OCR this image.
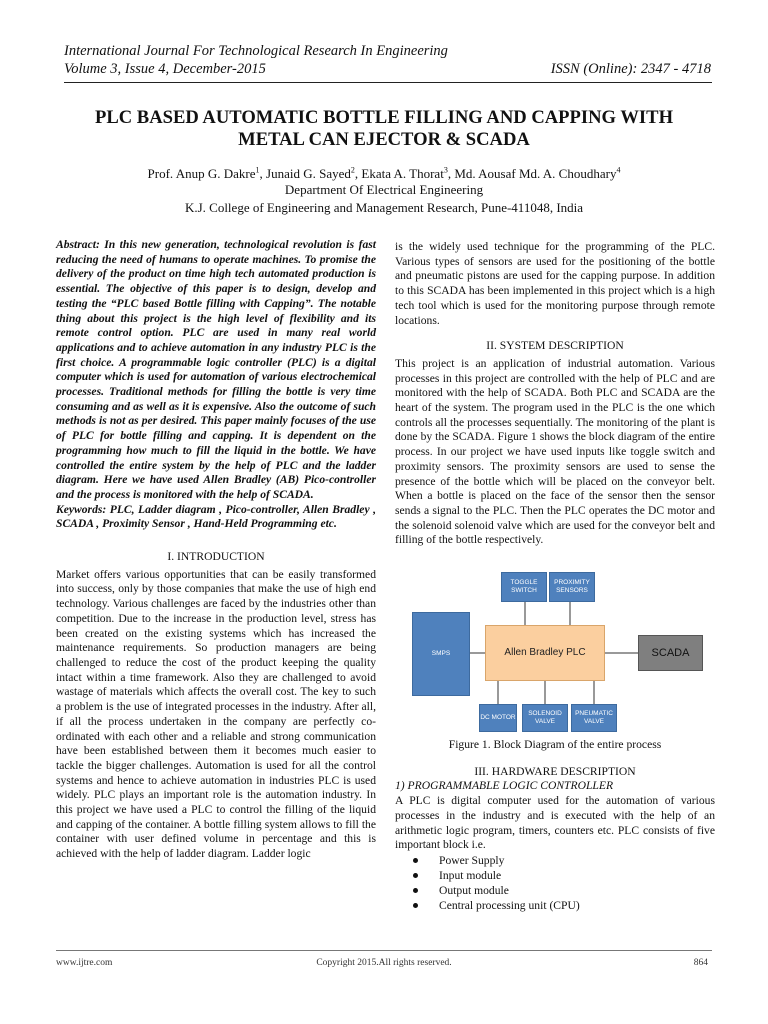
International Journal For Technological Research In Engineering
Volume 3, Issue 4, December-2015	ISSN (Online): 2347 - 4718
PLC BASED AUTOMATIC BOTTLE FILLING AND CAPPING WITH
METAL CAN EJECTOR & SCADA
Prof. Anup G. Dakre$^1$, Junaid G. Sayed$^2$, Ekata A. Thorat$^3$, Md. Aousaf Md. A. Choudhary$^4$
Department Of Electrical Engineering
K.J. College of Engineering and Management Research, Pune-411048, India

Abstract: In this new generation, technological revolution is fast reducing the need of humans to operate machines. To promise the delivery of the product on time high tech automated production is essential. The objective of this paper is to design, develop and testing the “PLC based Bottle filling with Capping”. The notable thing about this project is the high level of flexibility and its remote control option. PLC are used in many real world applications and to achieve automation in any industry PLC is the first choice. A programmable logic controller (PLC) is a digital computer which is used for automation of various electrochemical processes. Traditional methods for filling the bottle is very time consuming and as well as it is expensive. Also the outcome of such methods is not as per desired. This paper mainly focuses of the use of PLC for bottle filling and capping. It is dependent on the programming how much to fill the liquid in the bottle. We have controlled the entire system by the help of PLC and the ladder diagram. Here we have used Allen Bradley (AB) Pico-controller and the process is monitored with the help of SCADA.

Keywords: PLC, Ladder diagram , Pico-controller, Allen Bradley , SCADA , Proximity Sensor , Hand-Held Programming etc.

I. INTRODUCTION

Market offers various opportunities that can be easily transformed into success, only by those companies that make the use of high end technology. Various challenges are faced by the industries other than competition. Due to the increase in the production level, stress has been created on the existing systems which has increased the maintenance requirements. So production managers are being challenged to reduce the cost of the product keeping the quality intact within a time framework. Also they are challenged to avoid wastage of materials which affects the overall cost. The key to such a problem is the use of integrated processes in the industry. After all, if all the process undertaken in the company are perfectly co-ordinated with each other and a reliable and strong communication have been established between them it becomes much easier to tackle the bigger challenges. Automation is used for all the control systems and hence to achieve automation in industries PLC is used widely. PLC plays an important role is the automation industry. In this project we have used a PLC to control the filling of the liquid and capping of the container. A bottle filling system allows to fill the container with user defined volume in percentage and this is achieved with the help of ladder diagram. Ladder logic

is the widely used technique for the programming of the PLC. Various types of sensors are used for the positioning of the bottle and pneumatic pistons are used for the capping purpose. In addition to this SCADA has been implemented in this project which is a high tech tool which is used for the monitoring purpose through remote locations.

II. SYSTEM DESCRIPTION

This project is an application of industrial automation. Various processes in this project are controlled with the help of PLC and are monitored with the help of SCADA. Both PLC and SCADA are the heart of the system. The program used in the PLC is the one which controls all the processes sequentially. The monitoring of the plant is done by the SCADA. Figure 1 shows the block diagram of the entire process. In our project we have used inputs like toggle switch and proximity sensors. The proximity sensors are used to sense the presence of the bottle which will be placed on the conveyor belt. When a bottle is placed on the face of the sensor then the sensor sends a signal to the PLC. Then the PLC operates the DC motor and the solenoid solenoid valve which are used for the conveyor belt and filling of the bottle respectively.

TOGGLE SWITCH
PROXIMITY SENSORS
SMPS	Allen Bradley PLC	SCADA
DC MOTOR
SOLENOID VALVE
PNEUMATIC VALVE
Figure 1. Block Diagram of the entire process
III. HARDWARE DESCRIPTION
1) PROGRAMMABLE LOGIC CONTROLLER

A PLC is digital computer used for the automation of various processes in the industry and is executed with the help of an arithmetic logic program, timers, counters etc. PLC consists of five important block i.e.

Power Supply
Input module
Output module
Central processing unit (CPU)
www.ijtre.com	Copyright 2015.All rights reserved.	864
